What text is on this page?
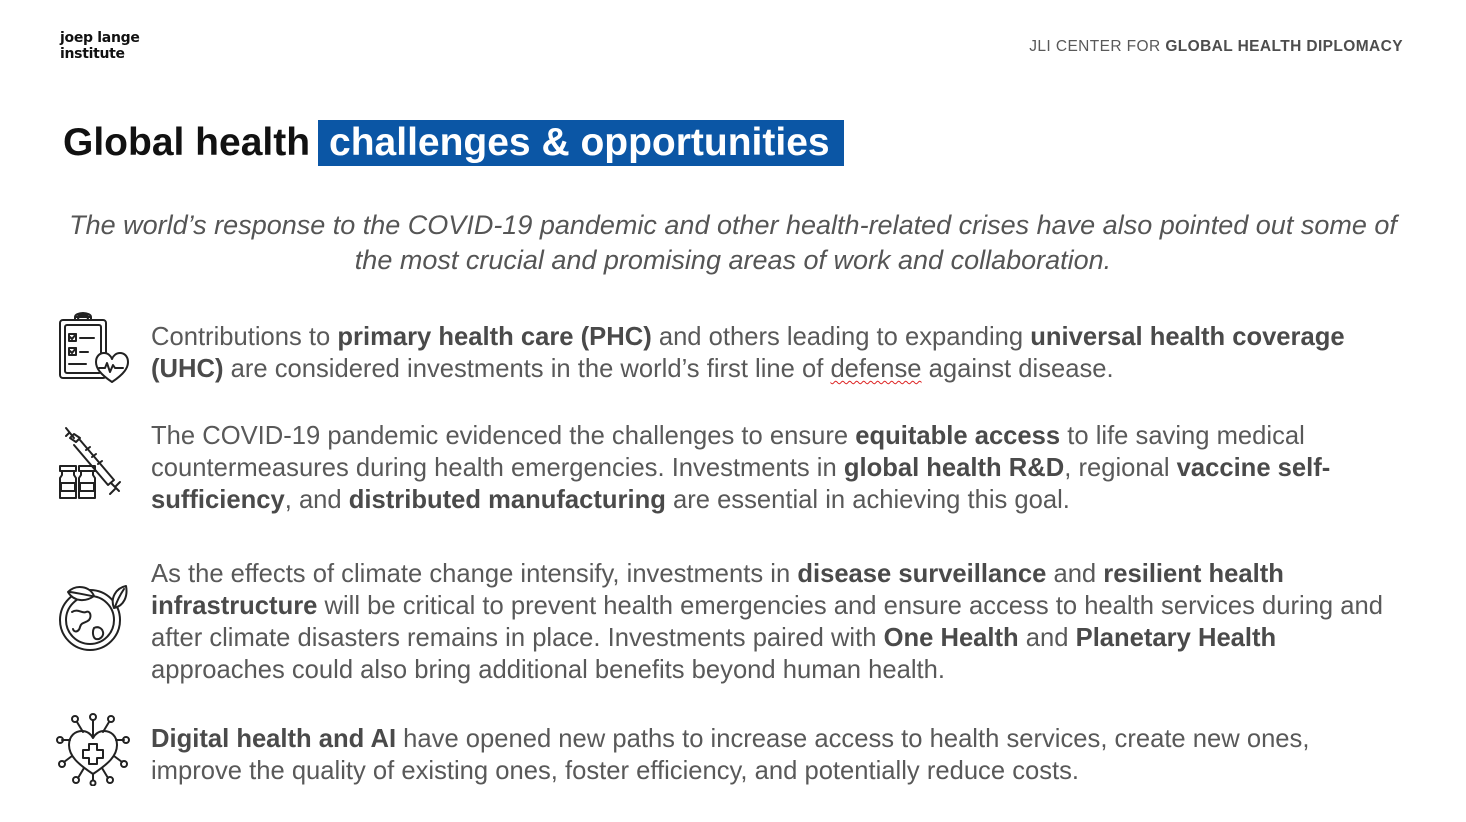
joep lange
institute	JLI CENTER FOR GLOBAL HEALTH DIPLOMACY
Global health challenges & opportunities
The world’s response to the COVID-19 pandemic and other health-related crises have also pointed out some of the most crucial and promising areas of work and collaboration.
Contributions to primary health care (PHC) and others leading to expanding universal health coverage (UHC) are considered investments in the world’s first line of defense against disease.
The COVID-19 pandemic evidenced the challenges to ensure equitable access to life saving medical countermeasures during health emergencies. Investments in global health R&D, regional vaccine self-sufficiency, and distributed manufacturing are essential in achieving this goal.
As the effects of climate change intensify, investments in disease surveillance and resilient health infrastructure will be critical to prevent health emergencies and ensure access to health services during and after climate disasters remains in place. Investments paired with One Health and Planetary Health approaches could also bring additional benefits beyond human health.
Digital health and AI have opened new paths to increase access to health services, create new ones, improve the quality of existing ones, foster efficiency, and potentially reduce costs.
